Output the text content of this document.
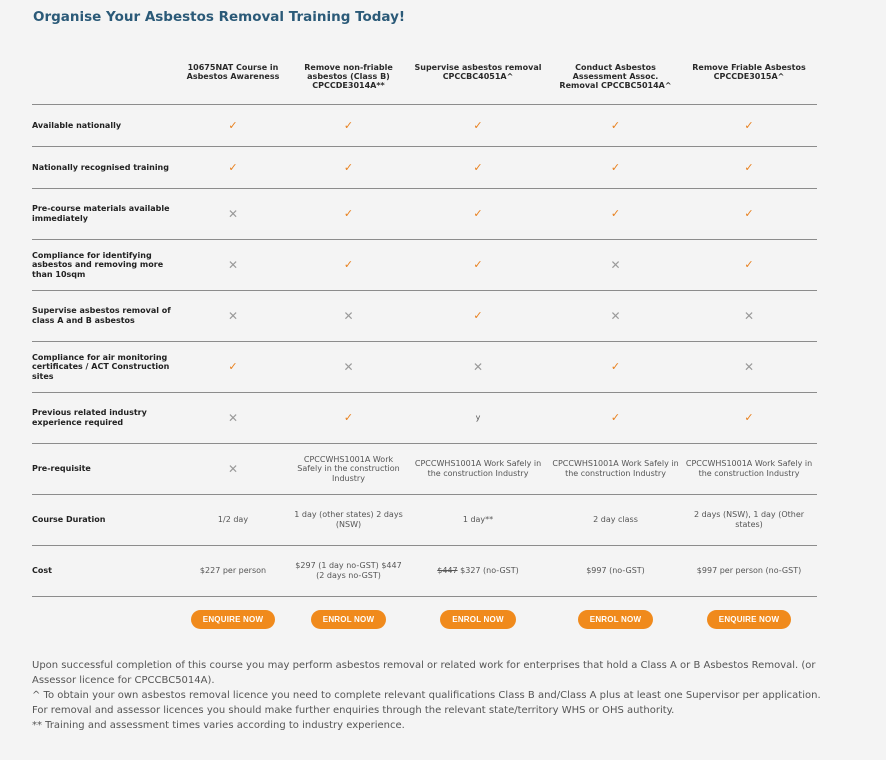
Organise Your Asbestos Removal Training Today!
	10675NAT Course in Asbestos Awareness	Remove non-friable asbestos (Class B) CPCCDE3014A**	Supervise asbestos removal CPCCBC4051A^	Conduct Asbestos Assessment Assoc. Removal CPCCBC5014A^	Remove Friable Asbestos CPCCDE3015A^
Available nationally	✓	✓	✓	✓	✓
Nationally recognised training	✓	✓	✓	✓	✓
Pre-course materials available immediately	✕	✓	✓	✓	✓
Compliance for identifying asbestos and removing more than 10sqm	✕	✓	✓	✕	✓
Supervise asbestos removal of class A and B asbestos	✕	✕	✓	✕	✕
Compliance for air monitoring certificates / ACT Construction sites	✓	✕	✕	✓	✕
Previous related industry experience required	✕	✓	y	✓	✓
Pre-requisite	✕	CPCCWHS1001A Work Safely in the construction Industry	CPCCWHS1001A Work Safely in the construction Industry	CPCCWHS1001A Work Safely in the construction Industry	CPCCWHS1001A Work Safely in the construction Industry
Course Duration	1/2 day	1 day (other states) 2 days (NSW)	1 day**	2 day class	2 days (NSW), 1 day (Other states)
Cost	$227 per person	$297 (1 day no-GST) $447 (2 days no-GST)	$447 $327 (no-GST)	$997 (no-GST)	$997 per person (no-GST)
	ENQUIRE NOW	ENROL NOW	ENROL NOW	ENROL NOW	ENQUIRE NOW

Upon successful completion of this course you may perform asbestos removal or related work for enterprises that hold a Class A or B Asbestos Removal. (or Assessor licence for CPCCBC5014A).

^ To obtain your own asbestos removal licence you need to complete relevant qualifications Class B and/Class A plus at least one Supervisor per application. For removal and assessor licences you should make further enquiries through the relevant state/territory WHS or OHS authority.

** Training and assessment times varies according to industry experience.
